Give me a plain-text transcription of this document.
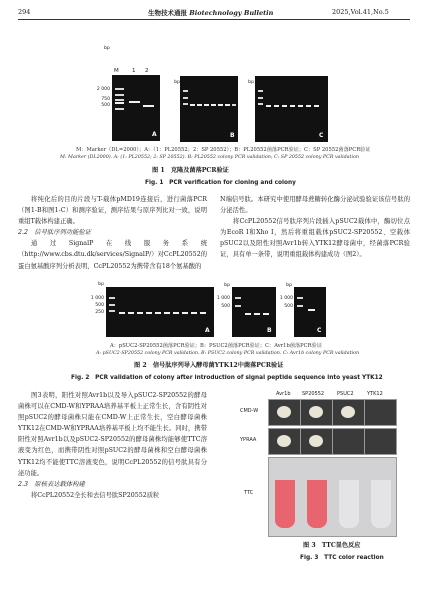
294	生物技术通报 Biotechnology Bulletin	2025,Vol.41,No.5
bp
2 000
750
500
M 1 2
A
bp
B
bp
C
M：Marker（DL=2000）；A：（1：PL20552；2：SP 20552）；B：PL20552菌落PCR验证；C：SP 20552菌落PCR验证
M: Marker (DL2000). A: (1: PL20552; 2: SP 20552). B: PL20552 colony PCR validation; C: SP 20552 colony PCR validation
图 1　克隆及菌落PCR验证
Fig. 1　PCR verification for cloning and colony
将纯化后的目的片段与T-载体pMD19连接后，进行菌落PCR（图1-B和图1-C）和测序验证，测序结果与原序列比对一致，说明重组T载体构建正确。
2.2　信号肽序列功能验证
通过SignalP在线服务系统（http://www.cbs.dtu.dk/services/SignalP/）对CcPL20552的蛋白氨基酸序列分析表明，CcPL20552为携带含有18个氨基酸的
N端信号肽。本研究中使用酵母蔗糖转化酶分泌试验验证该信号肽的分泌活性。
将CcPL20552信号肽序列片段插入pSUC2载体中，酶切位点为EcoR I和Xho I，然后将重组载体pSUC2-SP20552、空载体pSUC2以及阳性对照Avr1b转入YTK12酵母菌中，经菌落PCR验证，具有单一条带，说明重组载体构建成功（图2）。
bp
1 000
500
250
A
bp
1 000
500
B
bp
1 000
500
C
A：pSUC2-SP20552菌落PCR验证；B：PSUC2菌落PCR验证；C：Avr1b菌落PCR验证
A: pSUC2-SP20552 colony PCR validation. B: PSUC2 colony PCR validation. C: Avr1b colony PCR validation
图 2　信号肽序列导入酵母菌YTK12中菌落PCR验证
Fig. 2　PCR validation of colony after introduction of signal peptide sequence into yeast YTK12
图3表明，阳性对照Avr1b以及导入pSUC2-SP20552的酵母菌株可以在CMD-W和YPRAA培养基平板上正常生长，含有阴性对照pSUC2的酵母菌株只能在CMD-W上正常生长，空白酵母菌株YTK12在CMD-W和YPRAA培养基平板上均不能生长。同时，携带阳性对照Avr1b以及pSUC2-SP20552的酵母菌株均能够使TTC溶液变为红色，而携带阴性对照pSUC2的酵母菌株和空白酵母菌株YTK12均不能使TTC溶液变色，说明CcPL20552的信号肽具有分泌功能。
2.3　原核表达载体构建
将CcPL20552全长和去信号肽SP20552质粒
Avr1b SP20552	PSUC2	YTK12
CMD-W
YPRAA
TTC
图 3　TTC显色反应
Fig. 3　TTC color reaction
